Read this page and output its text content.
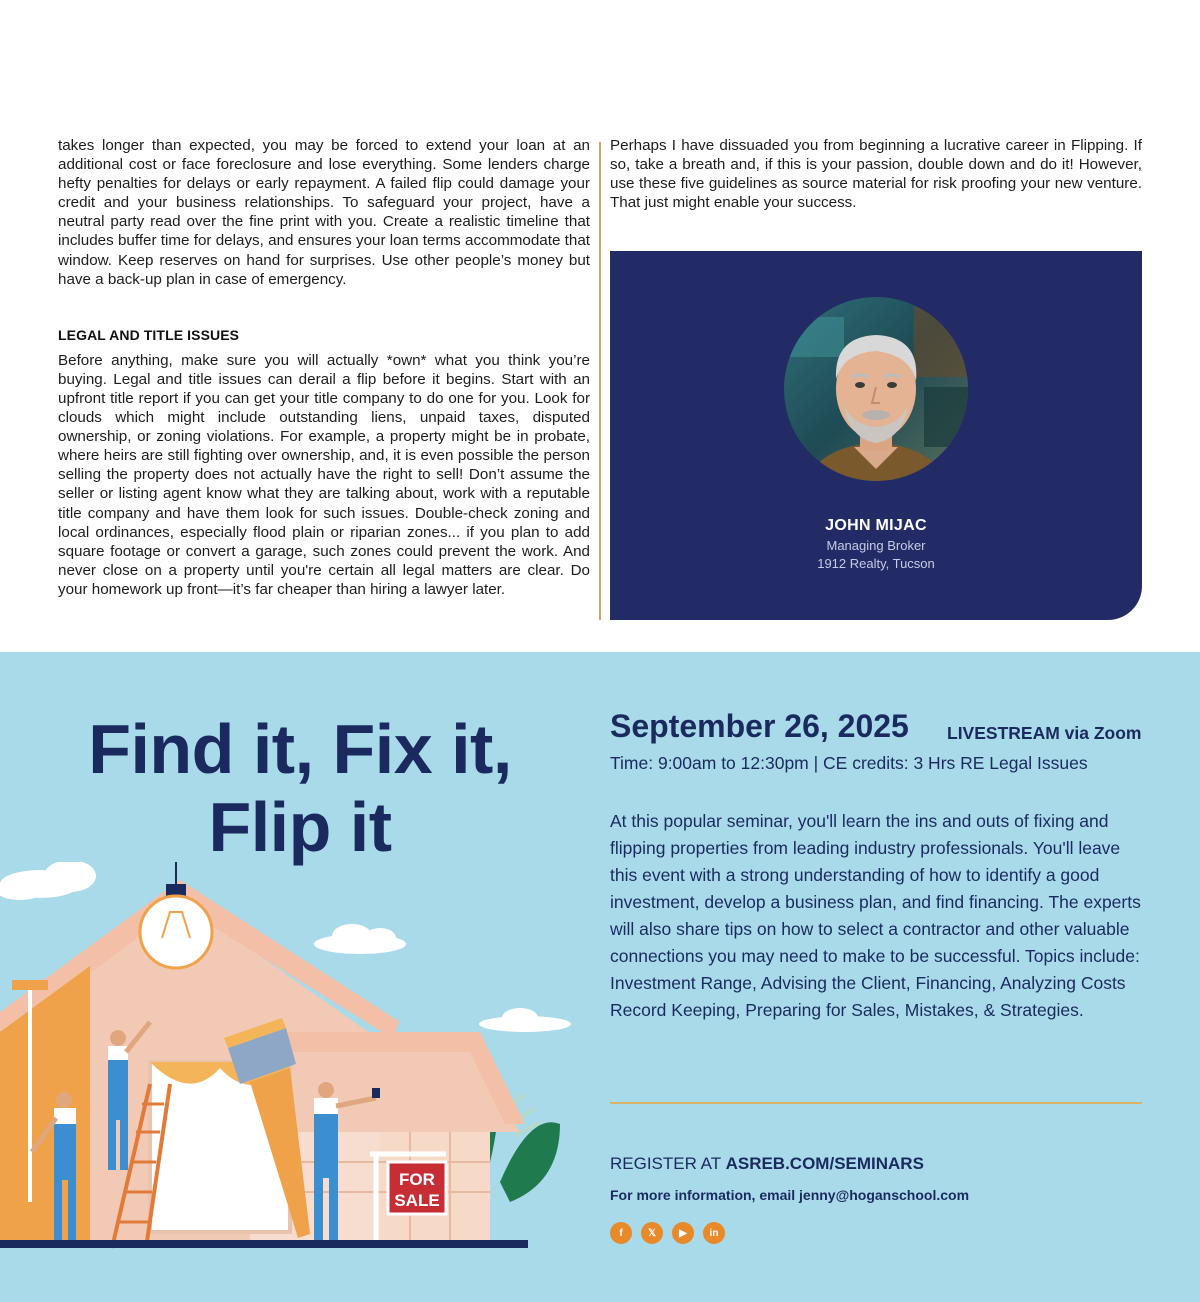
takes longer than expected, you may be forced to extend your loan at an additional cost or face foreclosure and lose everything. Some lenders charge hefty penalties for delays or early repayment. A failed flip could damage your credit and your business relationships. To safeguard your project, have a neutral party read over the fine print with you. Create a realistic timeline that includes buffer time for delays, and ensures your loan terms accommodate that window. Keep reserves on hand for surprises. Use other people’s money but have a back-up plan in case of emergency.

LEGAL AND TITLE ISSUES

Before anything, make sure you will actually *own* what you think you’re buying. Legal and title issues can derail a flip before it begins. Start with an upfront title report if you can get your title company to do one for you. Look for clouds which might include outstanding liens, unpaid taxes, disputed ownership, or zoning violations. For example, a property might be in probate, where heirs are still fighting over ownership, and, it is even possible the person selling the property does not actually have the right to sell! Don’t assume the seller or listing agent know what they are talking about, work with a reputable title company and have them look for such issues. Double-check zoning and local ordinances, especially flood plain or riparian zones... if you plan to add square footage or convert a garage, such zones could prevent the work. And never close on a property until you're certain all legal matters are clear. Do your homework up front—it’s far cheaper than hiring a lawyer later.

Perhaps I have dissuaded you from beginning a lucrative career in Flipping. If so, take a breath and, if this is your passion, double down and do it! However, use these five guidelines as source material for risk proofing your new venture. That just might enable your success.

JOHN MIJAC
Managing Broker
1912 Realty, Tucson
Find it, Fix it,
Flip it
FOR
SALE
September 26, 2025 LIVESTREAM via Zoom
Time: 9:00am to 12:30pm | CE credits: 3 Hrs RE Legal Issues

At this popular seminar, you'll learn the ins and outs of fixing and flipping properties from leading industry professionals. You'll leave this event with a strong understanding of how to identify a good investment, develop a business plan, and find financing. The experts will also share tips on how to select a contractor and other valuable connections you may need to make to be successful. Topics include: Investment Range, Advising the Client, Financing, Analyzing Costs Record Keeping, Preparing for Sales, Mistakes, & Strategies.

REGISTER AT ASREB.COM/SEMINARS
For more information, email jenny@hoganschool.com
f	𝕏	▶	in
